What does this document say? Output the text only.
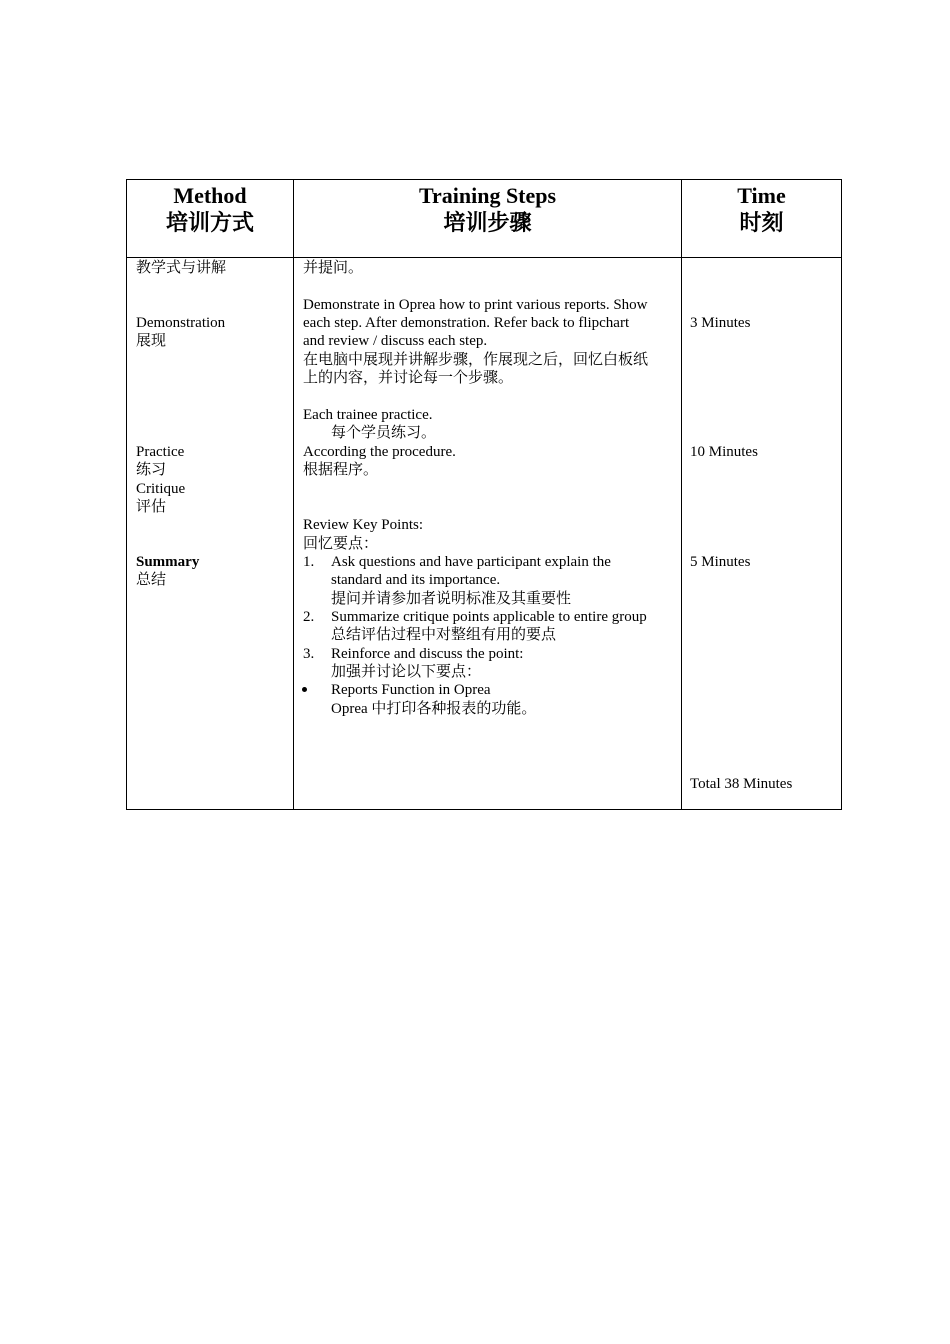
Method
培训方式
Training Steps
培训步骤
Time
时刻
教学式与讲解
Demonstration
展现
Practice
练习
Critique
评估
Summary
总结
并提问。
Demonstrate in Oprea how to print various reports. Show
each step. After demonstration. Refer back to flipchart
and review / discuss each step.
在电脑中展现并讲解步骤，作展现之后，回忆白板纸
上的内容，并讨论每一个步骤。
Each trainee practice.
每个学员练习。
According the procedure.
根据程序。
Review Key Points:
回忆要点：
1. Ask questions and have participant explain the
standard and its importance.
提问并请参加者说明标准及其重要性
2. Summarize critique points applicable to entire group
总结评估过程中对整组有用的要点
3. Reinforce and discuss the point:
加强并讨论以下要点：
Reports Function in Oprea
Oprea 中打印各种报表的功能。
3 Minutes
10 Minutes
5 Minutes
Total 38 Minutes
